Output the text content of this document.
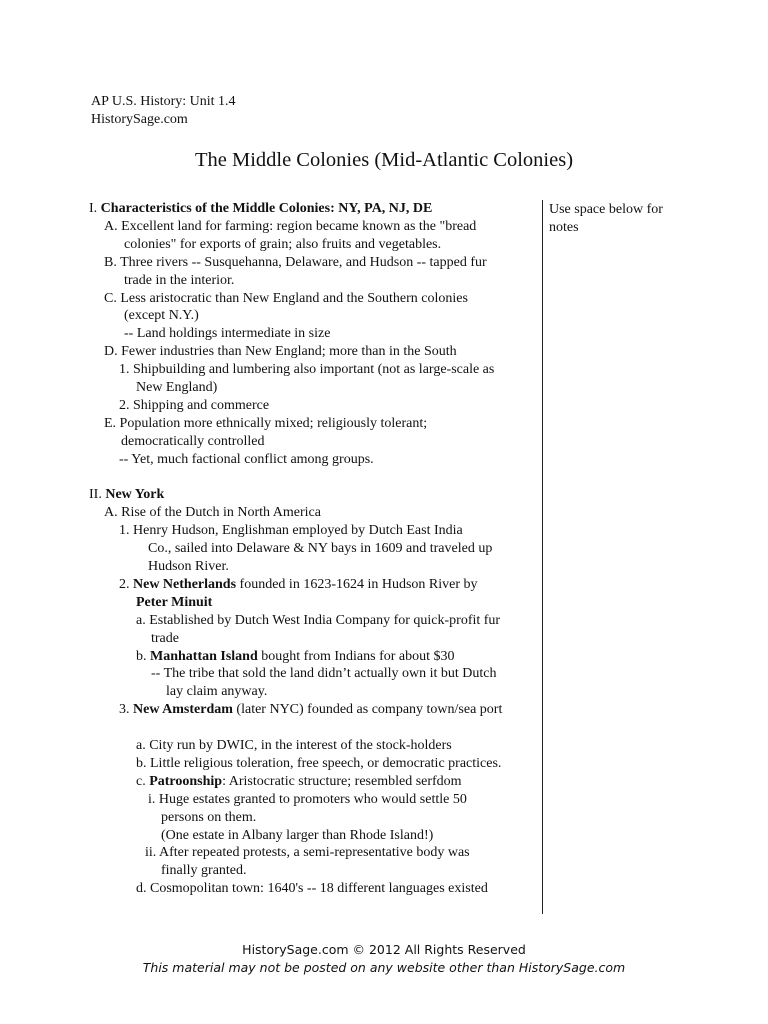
AP U.S. History: Unit 1.4
HistorySage.com
The Middle Colonies (Mid-Atlantic Colonies)
I. Characteristics of the Middle Colonies: NY, PA, NJ, DE
A. Excellent land for farming: region became known as the "bread
colonies" for exports of grain; also fruits and vegetables.
B. Three rivers -- Susquehanna, Delaware, and Hudson -- tapped fur
trade in the interior.
C. Less aristocratic than New England and the Southern colonies
(except N.Y.)
-- Land holdings intermediate in size
D. Fewer industries than New England; more than in the South
1. Shipbuilding and lumbering also important (not as large-scale as
New England)
2. Shipping and commerce
E. Population more ethnically mixed; religiously tolerant;
democratically controlled
-- Yet, much factional conflict among groups.
II. New York
A. Rise of the Dutch in North America
1. Henry Hudson, Englishman employed by Dutch East India
Co., sailed into Delaware & NY bays in 1609 and traveled up
Hudson River.
2. New Netherlands founded in 1623-1624 in Hudson River by
Peter Minuit
a. Established by Dutch West India Company for quick-profit fur
trade
b. Manhattan Island bought from Indians for about $30
-- The tribe that sold the land didn’t actually own it but Dutch
lay claim anyway.
3. New Amsterdam (later NYC) founded as company town/sea port
a. City run by DWIC, in the interest of the stock-holders
b. Little religious toleration, free speech, or democratic practices.
c. Patroonship: Aristocratic structure; resembled serfdom
i. Huge estates granted to promoters who would settle 50
persons on them.
(One estate in Albany larger than Rhode Island!)
ii. After repeated protests, a semi-representative body was
finally granted.
d. Cosmopolitan town: 1640's -- 18 different languages existed
Use space below for
notes
HistorySage.com © 2012 All Rights Reserved
This material may not be posted on any website other than HistorySage.com
